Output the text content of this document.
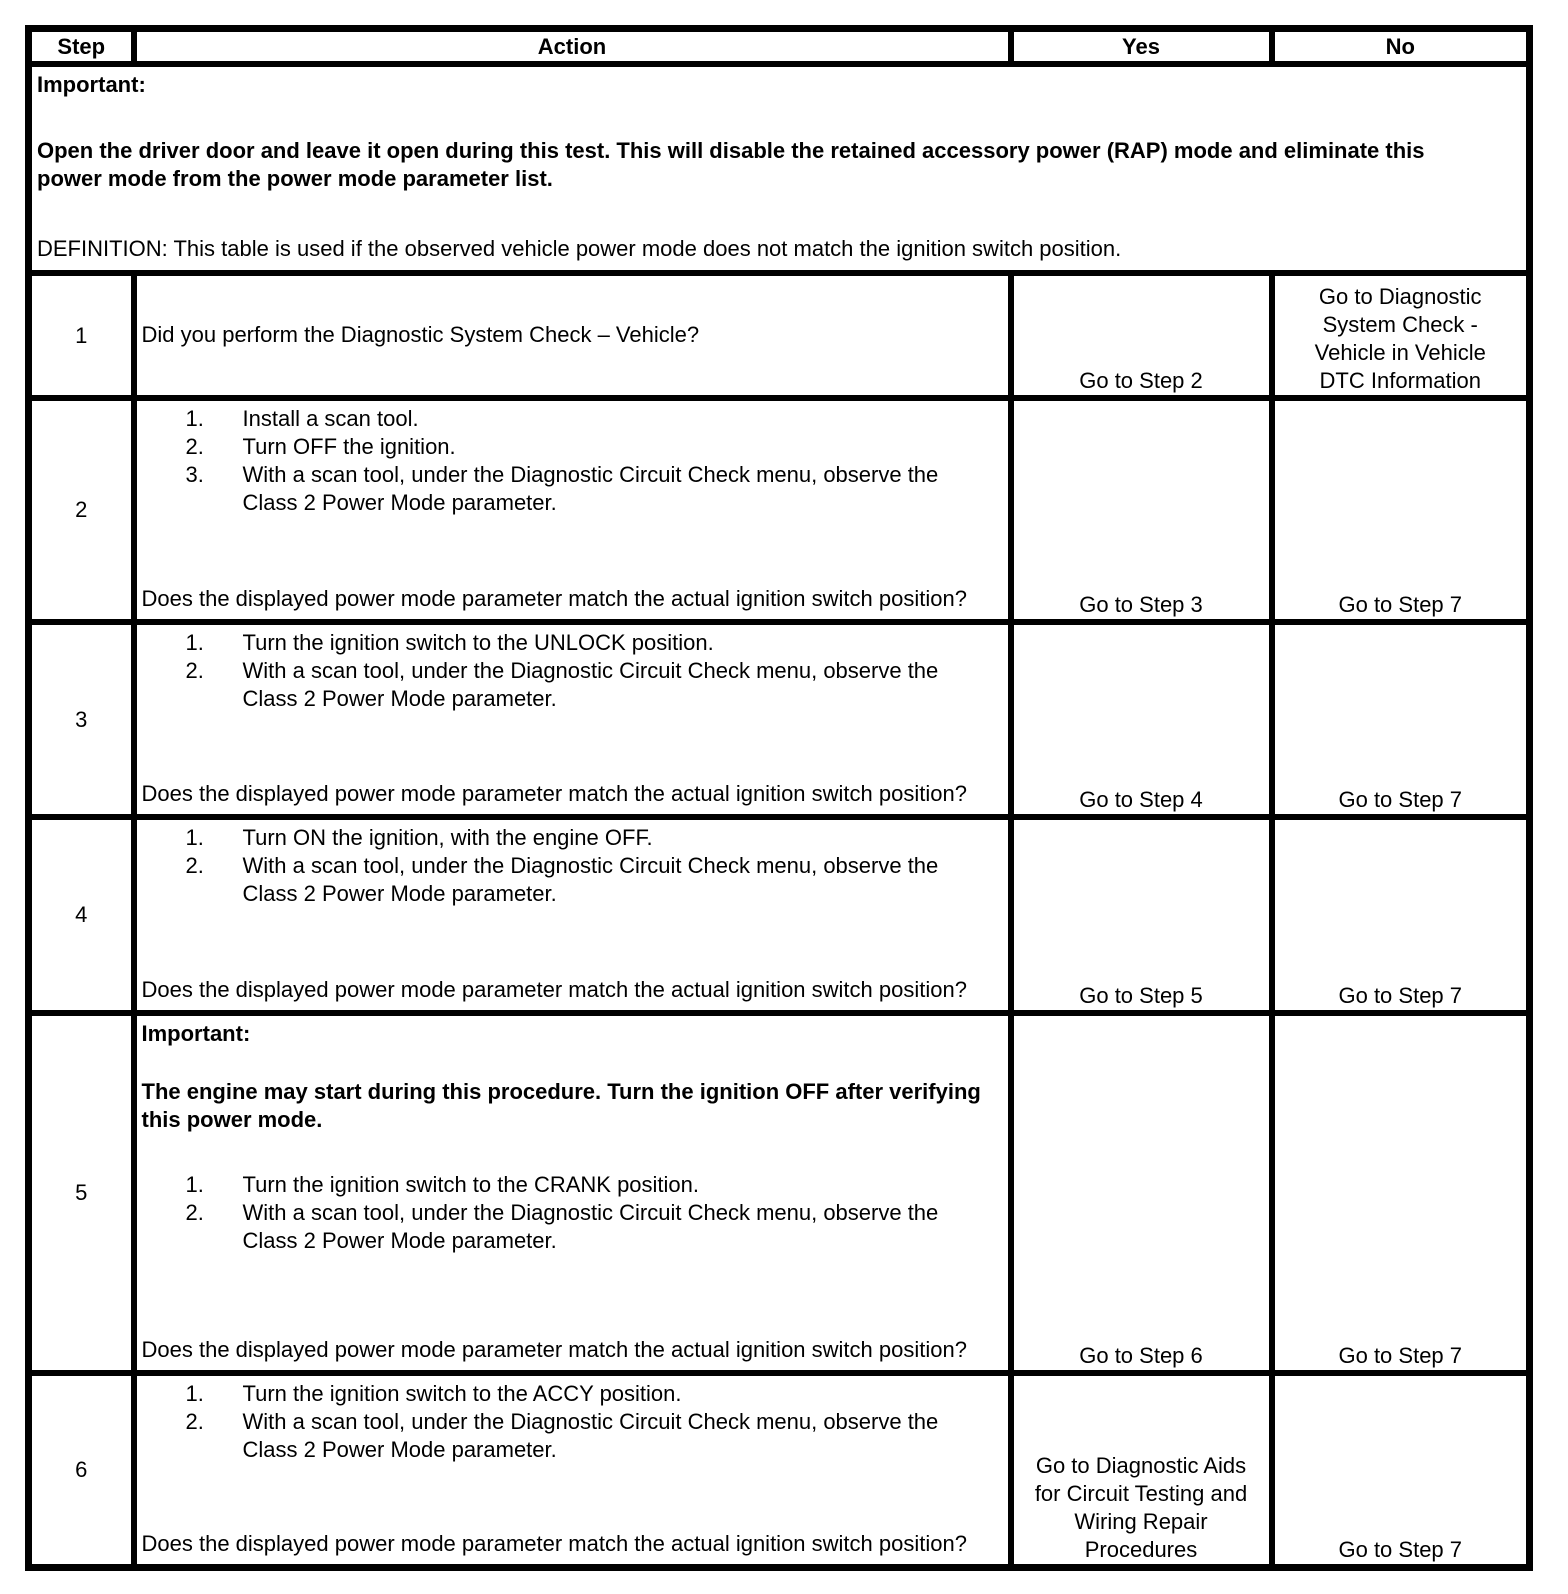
Step	Action	Yes	No

Important:
Open the driver door and leave it open during this test. This will disable the retained accessory power (RAP) mode and eliminate this power mode from the power mode parameter list.
DEFINITION: This table is used if the observed vehicle power mode does not match the ignition switch position.			

1	Did you perform the Diagnostic System Check – Vehicle?	Go to Step 2	Go to Diagnostic System Check - Vehicle in Vehicle DTC Information
2	
1.	Install a scan tool.
2.	Turn OFF the ignition.
3.	With a scan tool, under the Diagnostic Circuit Check menu, observe the Class 2 Power Mode parameter.
Does the displayed power mode parameter match the actual ignition switch position?	Go to Step 3	Go to Step 7
3	1. Turn the ignition switch to the UNLOCK position.
2. With a scan tool, under the Diagnostic Circuit Check menu, observe the Class 2 Power Mode parameter.
Does the displayed power mode parameter match the actual ignition switch position?	Go to Step 4	Go to Step 7
4	1. Turn ON the ignition, with the engine OFF.
2. With a scan tool, under the Diagnostic Circuit Check menu, observe the Class 2 Power Mode parameter.
Does the displayed power mode parameter match the actual ignition switch position?	Go to Step 5	Go to Step 7
5	
Important:
The engine may start during this procedure. Turn the ignition OFF after verifying this power mode.
1.	Turn the ignition switch to the CRANK position.
2.	With a scan tool, under the Diagnostic Circuit Check menu, observe the Class 2 Power Mode parameter.
Does the displayed power mode parameter match the actual ignition switch position?	Go to Step 6	Go to Step 7
6	1. Turn the ignition switch to the ACCY position.
2. With a scan tool, under the Diagnostic Circuit Check menu, observe the Class 2 Power Mode parameter.
Does the displayed power mode parameter match the actual ignition switch position?	Go to Diagnostic Aids for Circuit Testing and Wiring Repair Procedures	Go to Step 7
